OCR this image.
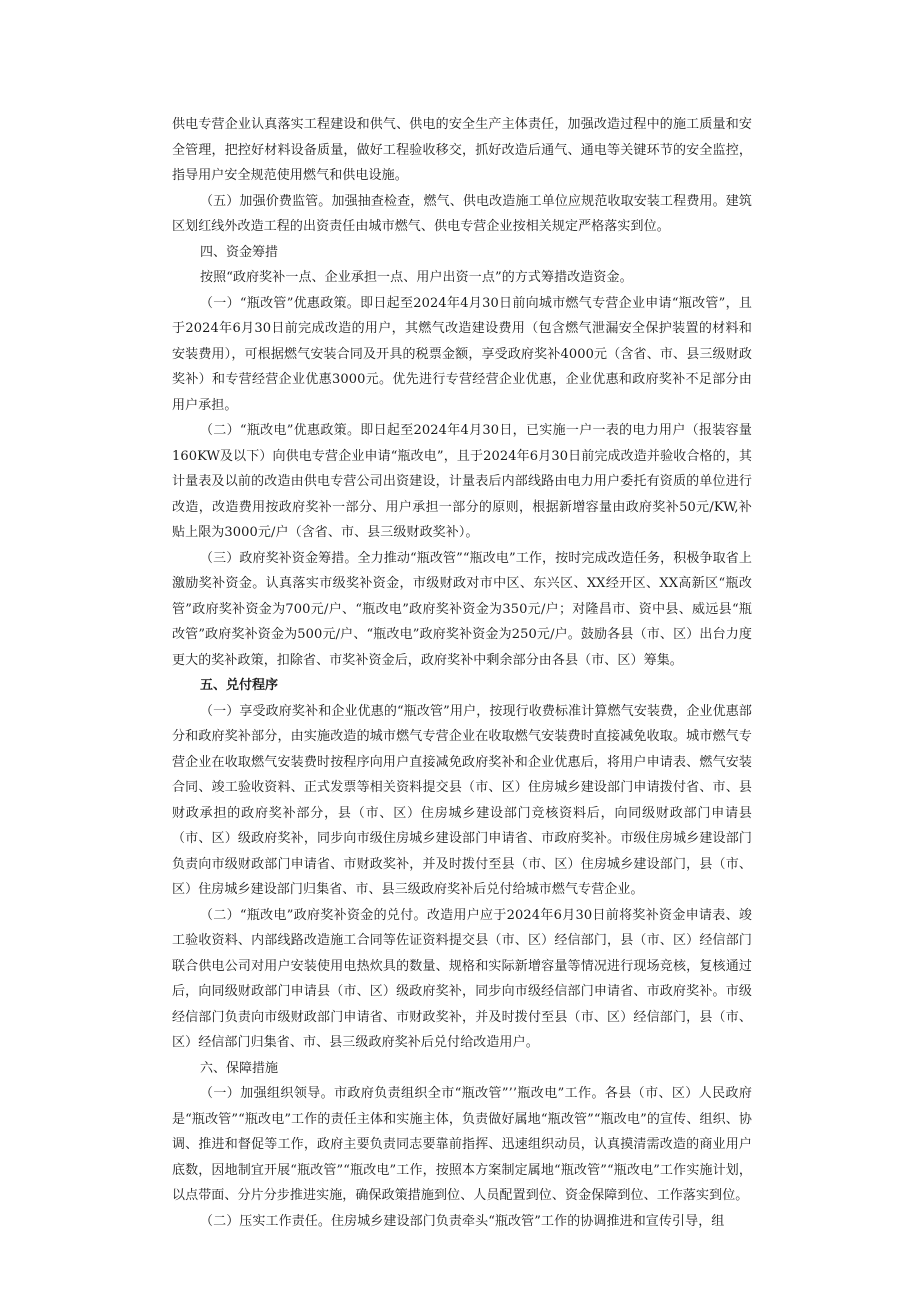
供电专营企业认真落实工程建设和供气、供电的安全生产主体责任，加强改造过程中的施工质量和安全管理，把控好材料设备质量，做好工程验收移交，抓好改造后通气、通电等关键环节的安全监控，指导用户安全规范使用燃气和供电设施。

（五）加强价费监管。加强抽查检查，燃气、供电改造施工单位应规范收取安装工程费用。建筑区划红线外改造工程的出资责任由城市燃气、供电专营企业按相关规定严格落实到位。

四、资金筹措

按照“政府奖补一点、企业承担一点、用户出资一点”的方式筹措改造资金。

（一）“瓶改管”优惠政策。即日起至2024年4月30日前向城市燃气专营企业申请“瓶改管”，且于2024年6月30日前完成改造的用户，其燃气改造建设费用（包含燃气泄漏安全保护装置的材料和安装费用），可根据燃气安装合同及开具的税票金额，享受政府奖补4000元（含省、市、县三级财政奖补）和专营经营企业优惠3000元。优先进行专营经营企业优惠，企业优惠和政府奖补不足部分由用户承担。

（二）“瓶改电”优惠政策。即日起至2024年4月30日，已实施一户一表的电力用户（报装容量160KW及以下）向供电专营企业申请“瓶改电”，且于2024年6月30日前完成改造并验收合格的，其计量表及以前的改造由供电专营公司出资建设，计量表后内部线路由电力用户委托有资质的单位进行改造，改造费用按政府奖补一部分、用户承担一部分的原则，根据新增容量由政府奖补50元/KW,补贴上限为3000元/户（含省、市、县三级财政奖补）。

（三）政府奖补资金筹措。全力推动“瓶改管”“瓶改电”工作，按时完成改造任务，积极争取省上激励奖补资金。认真落实市级奖补资金，市级财政对市中区、东兴区、XX经开区、XX高新区“瓶改管”政府奖补资金为700元/户、“瓶改电”政府奖补资金为350元/户；对隆昌市、资中县、威远县“瓶改管”政府奖补资金为500元/户、“瓶改电”政府奖补资金为250元/户。鼓励各县（市、区）出台力度更大的奖补政策，扣除省、市奖补资金后，政府奖补中剩余部分由各县（市、区）筹集。

五、兑付程序

（一）享受政府奖补和企业优惠的“瓶改管”用户，按现行收费标准计算燃气安装费，企业优惠部分和政府奖补部分，由实施改造的城市燃气专营企业在收取燃气安装费时直接减免收取。城市燃气专营企业在收取燃气安装费时按程序向用户直接减免政府奖补和企业优惠后，将用户申请表、燃气安装合同、竣工验收资料、正式发票等相关资料提交县（市、区）住房城乡建设部门申请拨付省、市、县财政承担的政府奖补部分，县（市、区）住房城乡建设部门竞核资料后，向同级财政部门申请县（市、区）级政府奖补，同步向市级住房城乡建设部门申请省、市政府奖补。市级住房城乡建设部门负责向市级财政部门申请省、市财政奖补，并及时拨付至县（市、区）住房城乡建设部门，县（市、区）住房城乡建设部门归集省、市、县三级政府奖补后兑付给城市燃气专营企业。

（二）“瓶改电”政府奖补资金的兑付。改造用户应于2024年6月30日前将奖补资金申请表、竣工验收资料、内部线路改造施工合同等佐证资料提交县（市、区）经信部门，县（市、区）经信部门联合供电公司对用户安装使用电热炊具的数量、规格和实际新增容量等情况进行现场竞核，复核通过后，向同级财政部门申请县（市、区）级政府奖补，同步向市级经信部门申请省、市政府奖补。市级经信部门负责向市级财政部门申请省、市财政奖补，并及时拨付至县（市、区）经信部门，县（市、区）经信部门归集省、市、县三级政府奖补后兑付给改造用户。

六、保障措施

（一）加强组织领导。市政府负责组织全市“瓶改管”’’瓶改电”工作。各县（市、区）人民政府是“瓶改管”“瓶改电”工作的责任主体和实施主体，负责做好属地“瓶改管”“瓶改电”的宣传、组织、协调、推进和督促等工作，政府主要负责同志要靠前指挥、迅速组织动员，认真摸清需改造的商业用户底数，因地制宜开展“瓶改管”“瓶改电”工作，按照本方案制定属地“瓶改管”“瓶改电”工作实施计划，以点带面、分片分步推进实施，确保政策措施到位、人员配置到位、资金保障到位、工作落实到位。

（二）压实工作责任。住房城乡建设部门负责牵头“瓶改管”工作的协调推进和宣传引导，组
